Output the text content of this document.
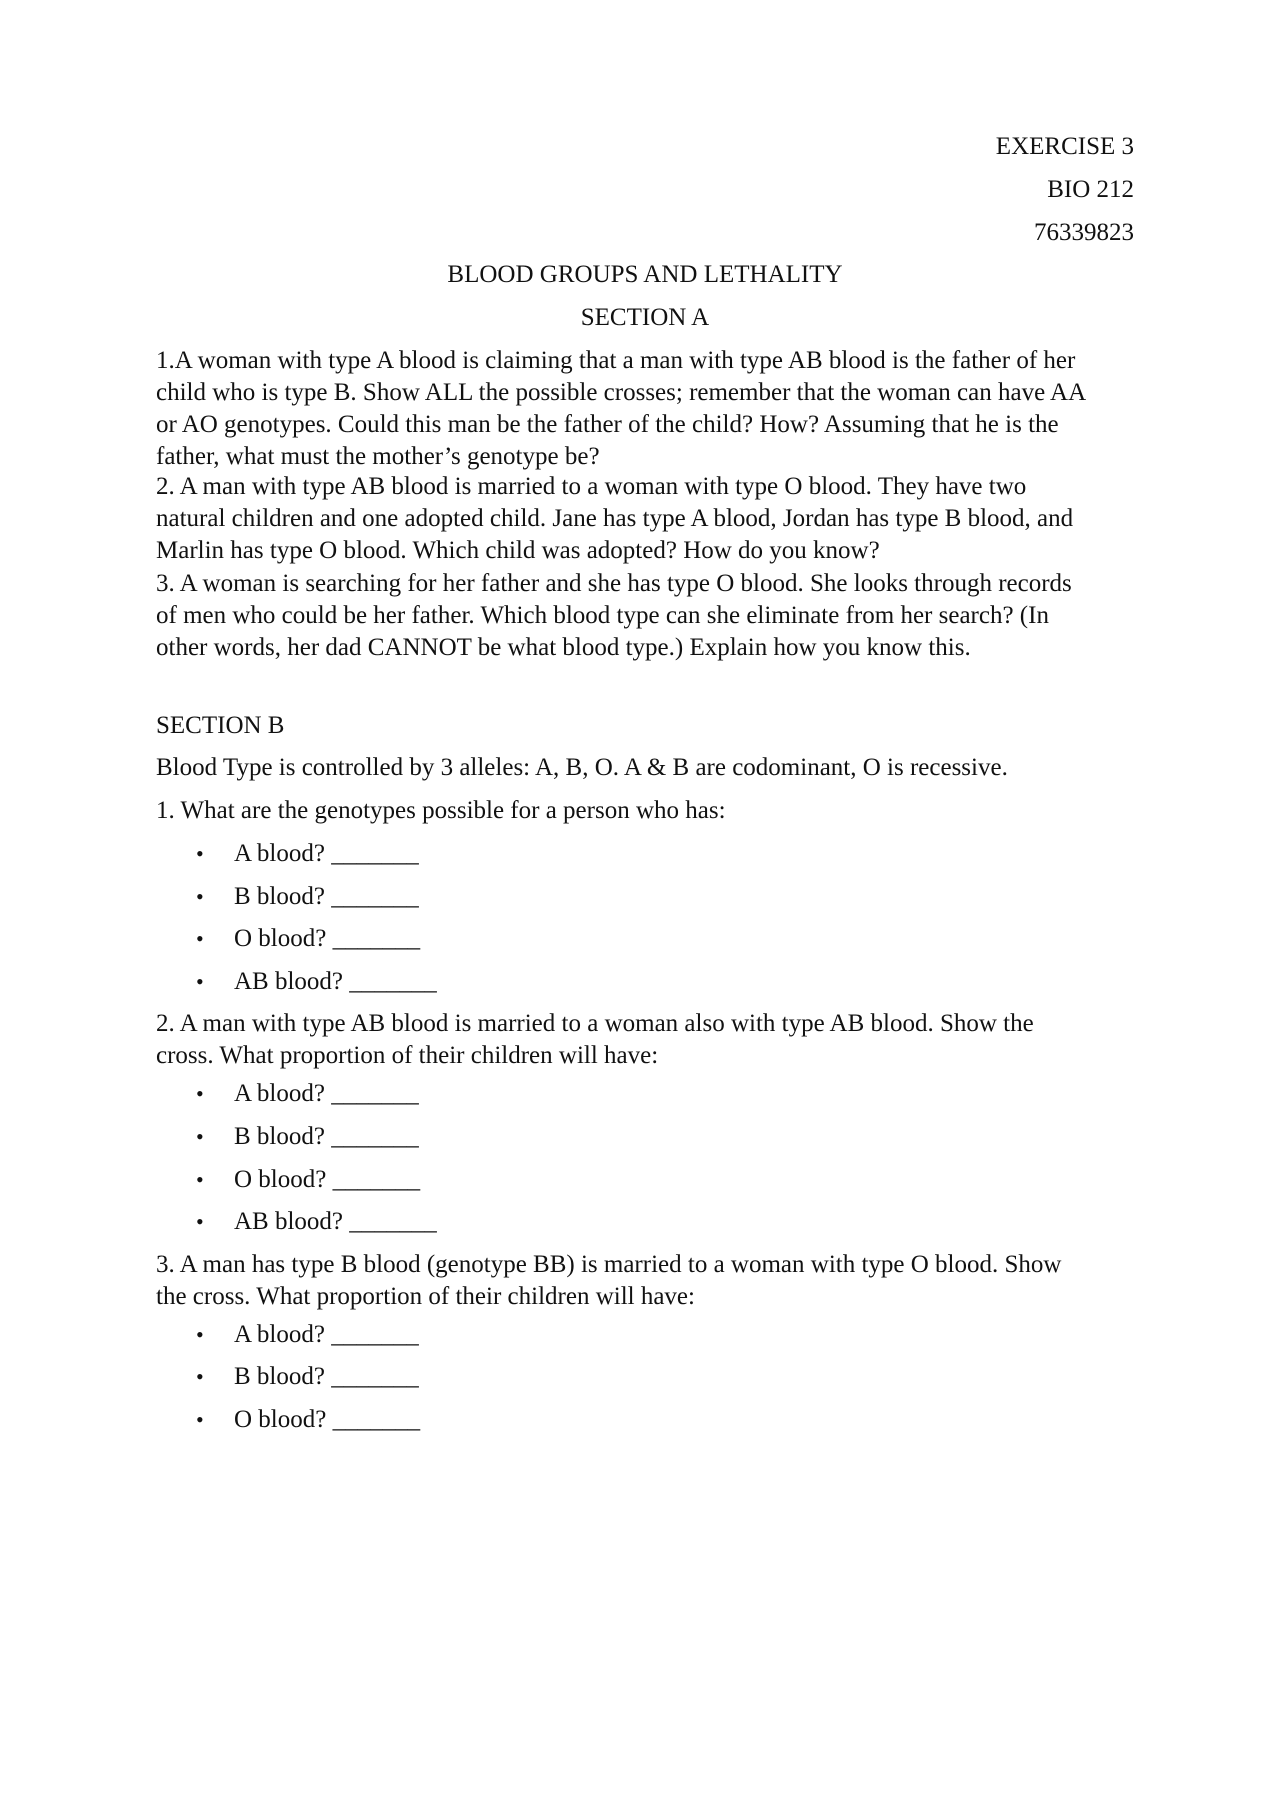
EXERCISE 3
BIO 212
76339823
BLOOD GROUPS AND LETHALITY
SECTION A
1.A woman with type A blood is claiming that a man with type AB blood is the father of her
child who is type B. Show ALL the possible crosses; remember that the woman can have AA
or AO genotypes. Could this man be the father of the child? How? Assuming that he is the
father, what must the mother’s genotype be?
2. A man with type AB blood is married to a woman with type O blood. They have two
natural children and one adopted child. Jane has type A blood, Jordan has type B blood, and
Marlin has type O blood. Which child was adopted? How do you know?
3. A woman is searching for her father and she has type O blood. She looks through records
of men who could be her father. Which blood type can she eliminate from her search? (In
other words, her dad CANNOT be what blood type.) Explain how you know this.
SECTION B
Blood Type is controlled by 3 alleles: A, B, O. A & B are codominant, O is recessive.
1. What are the genotypes possible for a person who has:
• A blood? _______
• B blood? _______
• O blood? _______
• AB blood? _______
2. A man with type AB blood is married to a woman also with type AB blood. Show the
cross. What proportion of their children will have:
• A blood? _______
• B blood? _______
• O blood? _______
• AB blood? _______
3. A man has type B blood (genotype BB) is married to a woman with type O blood. Show
the cross. What proportion of their children will have:
• A blood? _______
• B blood? _______
• O blood? _______
